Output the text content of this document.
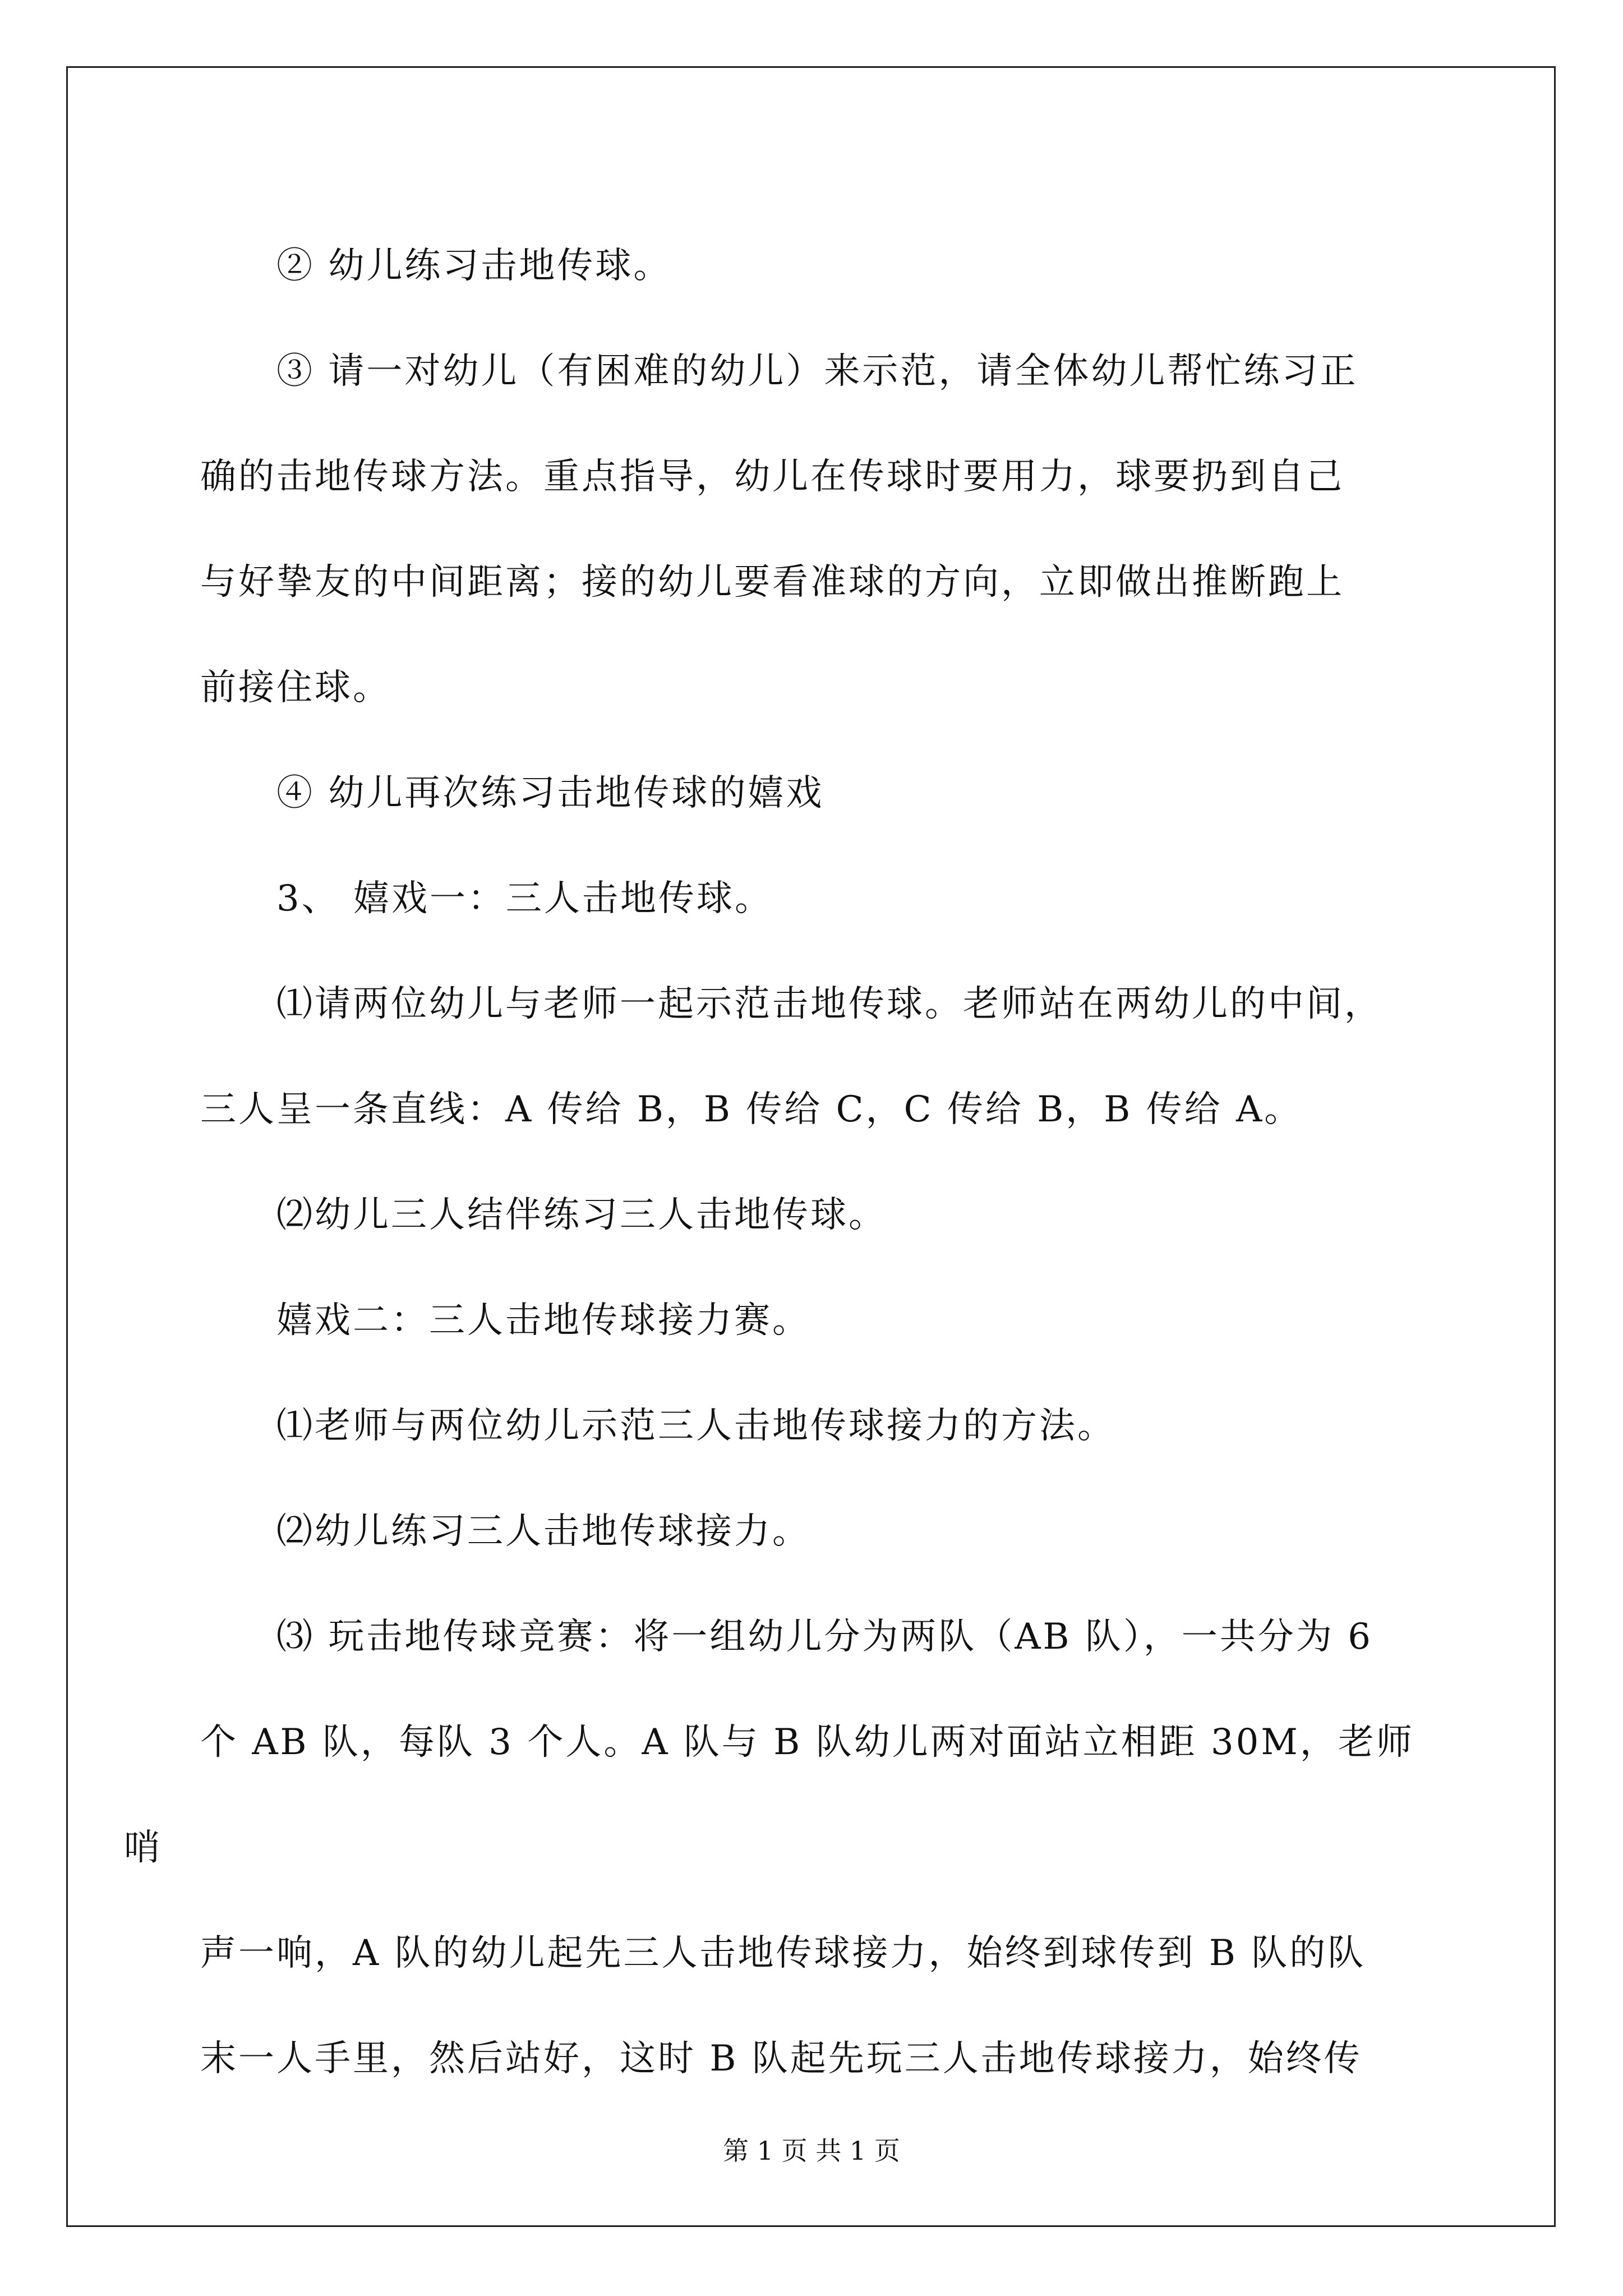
② 幼儿练习击地传球。

③ 请一对幼儿（有困难的幼儿）来示范，请全体幼儿帮忙练习正
确的击地传球方法。重点指导，幼儿在传球时要用力，球要扔到自己
与好挚友的中间距离；接的幼儿要看准球的方向，立即做出推断跑上
前接住球。

④ 幼儿再次练习击地传球的嬉戏

3、 嬉戏一：三人击地传球。

⑴请两位幼儿与老师一起示范击地传球。老师站在两幼儿的中间，
三人呈一条直线：A 传给 B，B 传给 C，C 传给 B，B 传给 A。

⑵幼儿三人结伴练习三人击地传球。

嬉戏二：三人击地传球接力赛。

⑴老师与两位幼儿示范三人击地传球接力的方法。

⑵幼儿练习三人击地传球接力。

⑶ 玩击地传球竞赛：将一组幼儿分为两队（AB 队），一共分为 6
个 AB 队，每队 3 个人。A 队与 B 队幼儿两对面站立相距 30M，老师哨
声一响，A 队的幼儿起先三人击地传球接力，始终到球传到 B 队的队
末一人手里，然后站好，这时 B 队起先玩三人击地传球接力，始终传

第 1 页 共 1 页
